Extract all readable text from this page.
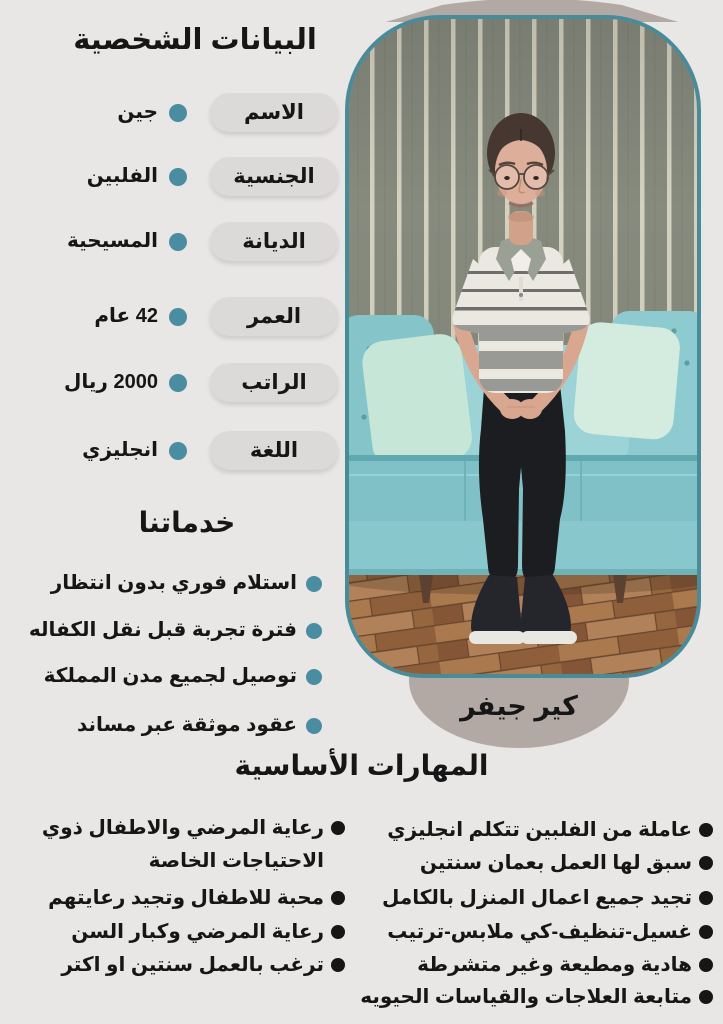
كير جيفر
البيانات الشخصية
جين	الاسم
الفلبين	الجنسية
المسيحية	الديانة
42 عام	العمر
2000 ريال	الراتب
انجليزي	اللغة
خدماتنا
استلام فوري بدون انتظار
فترة تجربة قبل نقل الكفاله
توصيل لجميع مدن المملكة
عقود موثقة عبر مساند
المهارات الأساسية
عاملة من الفلبين تتكلم انجليزي
سبق لها العمل بعمان سنتين
تجيد جميع اعمال المنزل بالكامل
غسيل-تنظيف-كي ملابس-ترتيب
هادية ومطيعة وغير متشرطة
متابعة العلاجات والقياسات الحيويه
رعاية المرضي والاطفال ذوي الاحتياجات الخاصة
محبة للاطفال وتجيد رعايتهم
رعاية المرضي وكبار السن
ترغب بالعمل سنتين او اكتر
